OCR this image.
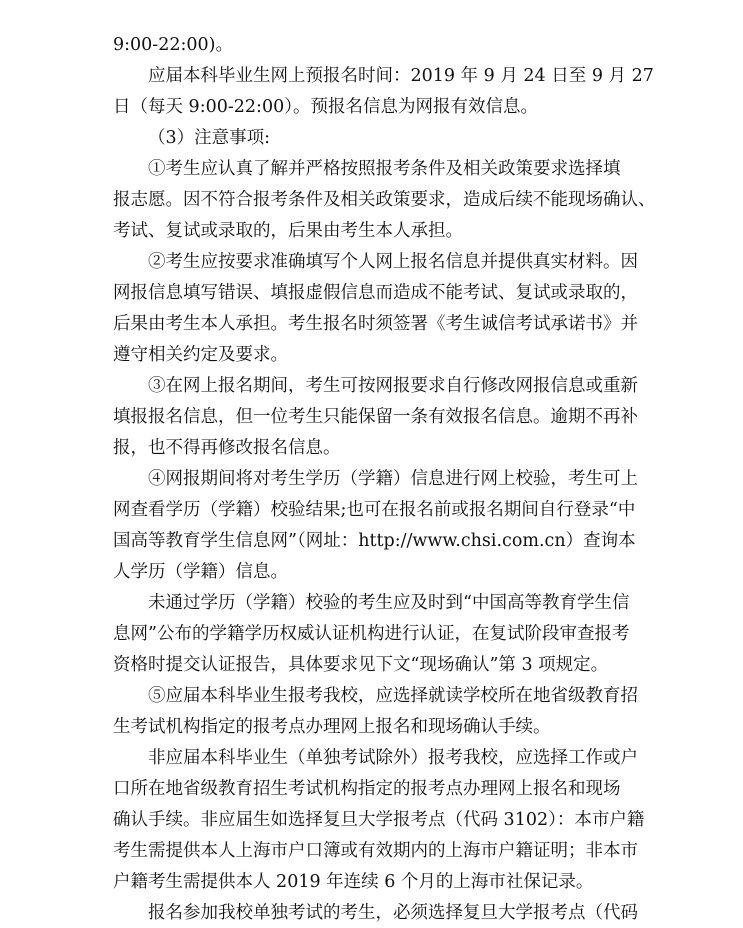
9:00-22:00)。
应届本科毕业生网上预报名时间：2019 年 9 月 24 日至 9 月 27
日（每天 9:00-22:00）。预报名信息为网报有效信息。
（3）注意事项:
①考生应认真了解并严格按照报考条件及相关政策要求选择填
报志愿。因不符合报考条件及相关政策要求，造成后续不能现场确认、
考试、复试或录取的，后果由考生本人承担。
②考生应按要求准确填写个人网上报名信息并提供真实材料。因
网报信息填写错误、填报虚假信息而造成不能考试、复试或录取的，
后果由考生本人承担。考生报名时须签署《考生诚信考试承诺书》并
遵守相关约定及要求。
③在网上报名期间，考生可按网报要求自行修改网报信息或重新
填报报名信息，但一位考生只能保留一条有效报名信息。逾期不再补
报，也不得再修改报名信息。
④网报期间将对考生学历（学籍）信息进行网上校验，考生可上
网查看学历（学籍）校验结果;也可在报名前或报名期间自行登录“中
国高等教育学生信息网”（网址：http://www.chsi.com.cn）查询本
人学历（学籍）信息。
未通过学历（学籍）校验的考生应及时到“中国高等教育学生信
息网”公布的学籍学历权威认证机构进行认证，在复试阶段审查报考
资格时提交认证报告，具体要求见下文“现场确认”第 3 项规定。
⑤应届本科毕业生报考我校，应选择就读学校所在地省级教育招
生考试机构指定的报考点办理网上报名和现场确认手续。
非应届本科毕业生（单独考试除外）报考我校，应选择工作或户
口所在地省级教育招生考试机构指定的报考点办理网上报名和现场
确认手续。非应届生如选择复旦大学报考点（代码 3102）：本市户籍
考生需提供本人上海市户口簿或有效期内的上海市户籍证明；非本市
户籍考生需提供本人 2019 年连续 6 个月的上海市社保记录。
报名参加我校单独考试的考生，必须选择复旦大学报考点（代码
